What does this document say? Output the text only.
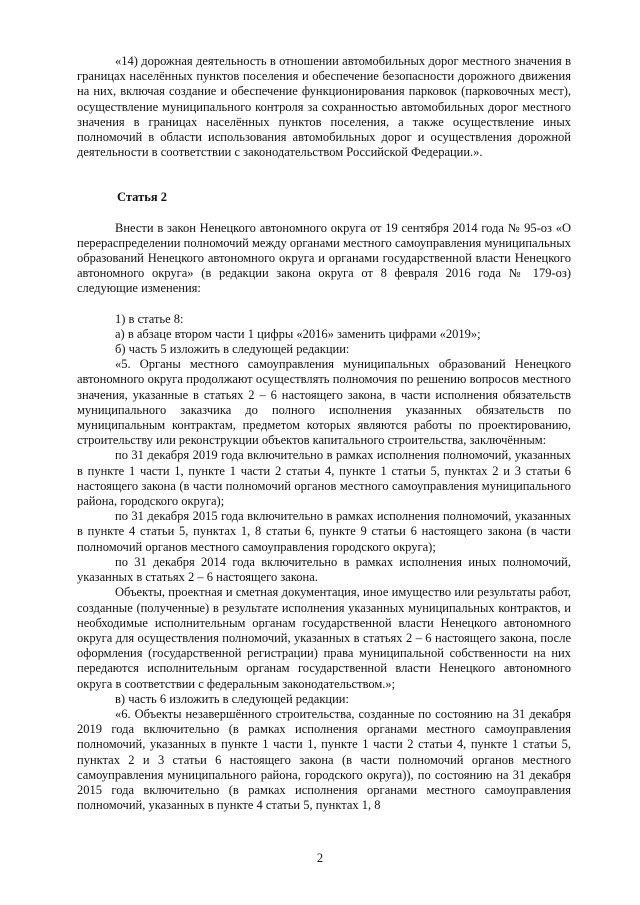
«14) дорожная деятельность в отношении автомобильных дорог местного значения в границах населённых пунктов поселения и обеспечение безопасности дорожного движения на них, включая создание и обеспечение функционирования парковок (парковочных мест), осуществление муниципального контроля за сохранностью автомобильных дорог местного значения в границах населённых пунктов поселения, а также осуществление иных полномочий в области использования автомобильных дорог и осуществления дорожной деятельности в соответствии с законодательством Российской Федерации.».

Статья 2

Внести в закон Ненецкого автономного округа от 19 сентября 2014 года № 95-оз «О перераспределении полномочий между органами местного самоуправления муниципальных образований Ненецкого автономного округа и органами государственной власти Ненецкого автономного округа» (в редакции закона округа от 8 февраля 2016 года № 179-оз) следующие изменения:

1) в статье 8:

а) в абзаце втором части 1 цифры «2016» заменить цифрами «2019»;

б) часть 5 изложить в следующей редакции:

«5. Органы местного самоуправления муниципальных образований Ненецкого автономного округа продолжают осуществлять полномочия по решению вопросов местного значения, указанные в статьях 2 – 6 настоящего закона, в части исполнения обязательств муниципального заказчика до полного исполнения указанных обязательств по муниципальным контрактам, предметом которых являются работы по проектированию, строительству или реконструкции объектов капитального строительства, заключённым:

по 31 декабря 2019 года включительно в рамках исполнения полномочий, указанных в пункте 1 части 1, пункте 1 части 2 статьи 4, пункте 1 статьи 5, пунктах 2 и 3 статьи 6 настоящего закона (в части полномочий органов местного самоуправления муниципального района, городского округа);

по 31 декабря 2015 года включительно в рамках исполнения полномочий, указанных в пункте 4 статьи 5, пунктах 1, 8 статьи 6, пункте 9 статьи 6 настоящего закона (в части полномочий органов местного самоуправления городского округа);

по 31 декабря 2014 года включительно в рамках исполнения иных полномочий, указанных в статьях 2 – 6 настоящего закона.

Объекты, проектная и сметная документация, иное имущество или результаты работ, созданные (полученные) в результате исполнения указанных муниципальных контрактов, и необходимые исполнительным органам государственной власти Ненецкого автономного округа для осуществления полномочий, указанных в статьях 2 – 6 настоящего закона, после оформления (государственной регистрации) права муниципальной собственности на них передаются исполнительным органам государственной власти Ненецкого автономного округа в соответствии с федеральным законодательством.»;

в) часть 6 изложить в следующей редакции:

«6. Объекты незавершённого строительства, созданные по состоянию на 31 декабря 2019 года включительно (в рамках исполнения органами местного самоуправления полномочий, указанных в пункте 1 части 1, пункте 1 части 2 статьи 4, пункте 1 статьи 5, пунктах 2 и 3 статьи 6 настоящего закона (в части полномочий органов местного самоуправления муниципального района, городского округа)), по состоянию на 31 декабря 2015 года включительно (в рамках исполнения органами местного самоуправления полномочий, указанных в пункте 4 статьи 5, пунктах 1, 8

2
